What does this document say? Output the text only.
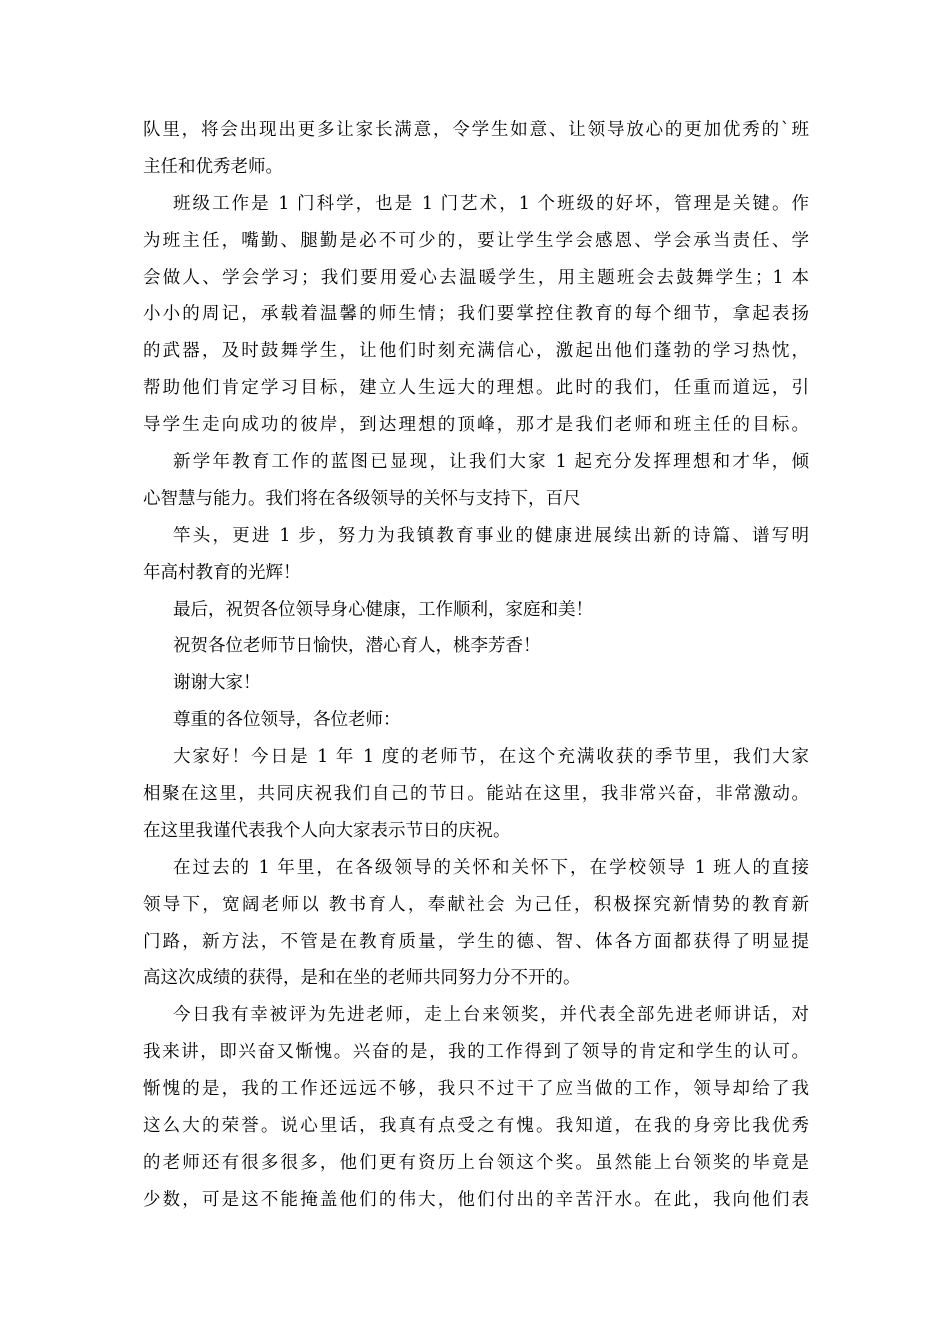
队里，将会出现出更多让家长满意，令学生如意、让领导放心的更加优秀的`班
主任和优秀老师。
班级工作是 1 门科学，也是 1 门艺术，1 个班级的好坏，管理是关键。作
为班主任，嘴勤、腿勤是必不可少的，要让学生学会感恩、学会承当责任、学
会做人、学会学习；我们要用爱心去温暖学生，用主题班会去鼓舞学生；1 本
小小的周记，承载着温馨的师生情；我们要掌控住教育的每个细节，拿起表扬
的武器，及时鼓舞学生，让他们时刻充满信心，激起出他们蓬勃的学习热忱，
帮助他们肯定学习目标，建立人生远大的理想。此时的我们，任重而道远，引
导学生走向成功的彼岸，到达理想的顶峰，那才是我们老师和班主任的目标。
新学年教育工作的蓝图已显现，让我们大家 1 起充分发挥理想和才华，倾
心智慧与能力。我们将在各级领导的关怀与支持下，百尺
竿头，更进 1 步，努力为我镇教育事业的健康进展续出新的诗篇、谱写明
年高村教育的光辉！
最后，祝贺各位领导身心健康，工作顺利，家庭和美！
祝贺各位老师节日愉快，潜心育人，桃李芳香！
谢谢大家！
尊重的各位领导，各位老师：
大家好！今日是 1 年 1 度的老师节，在这个充满收获的季节里，我们大家
相聚在这里，共同庆祝我们自己的节日。能站在这里，我非常兴奋，非常激动。
在这里我谨代表我个人向大家表示节日的庆祝。
在过去的 1 年里，在各级领导的关怀和关怀下，在学校领导 1 班人的直接
领导下，宽阔老师以 教书育人，奉献社会 为己任，积极探究新情势的教育新
门路，新方法，不管是在教育质量，学生的德、智、体各方面都获得了明显提
高这次成绩的获得，是和在坐的老师共同努力分不开的。
今日我有幸被评为先进老师，走上台来领奖，并代表全部先进老师讲话，对
我来讲，即兴奋又惭愧。兴奋的是，我的工作得到了领导的肯定和学生的认可。
惭愧的是，我的工作还远远不够，我只不过干了应当做的工作，领导却给了我
这么大的荣誉。说心里话，我真有点受之有愧。我知道，在我的身旁比我优秀
的老师还有很多很多，他们更有资历上台领这个奖。虽然能上台领奖的毕竟是
少数，可是这不能掩盖他们的伟大，他们付出的辛苦汗水。在此，我向他们表
